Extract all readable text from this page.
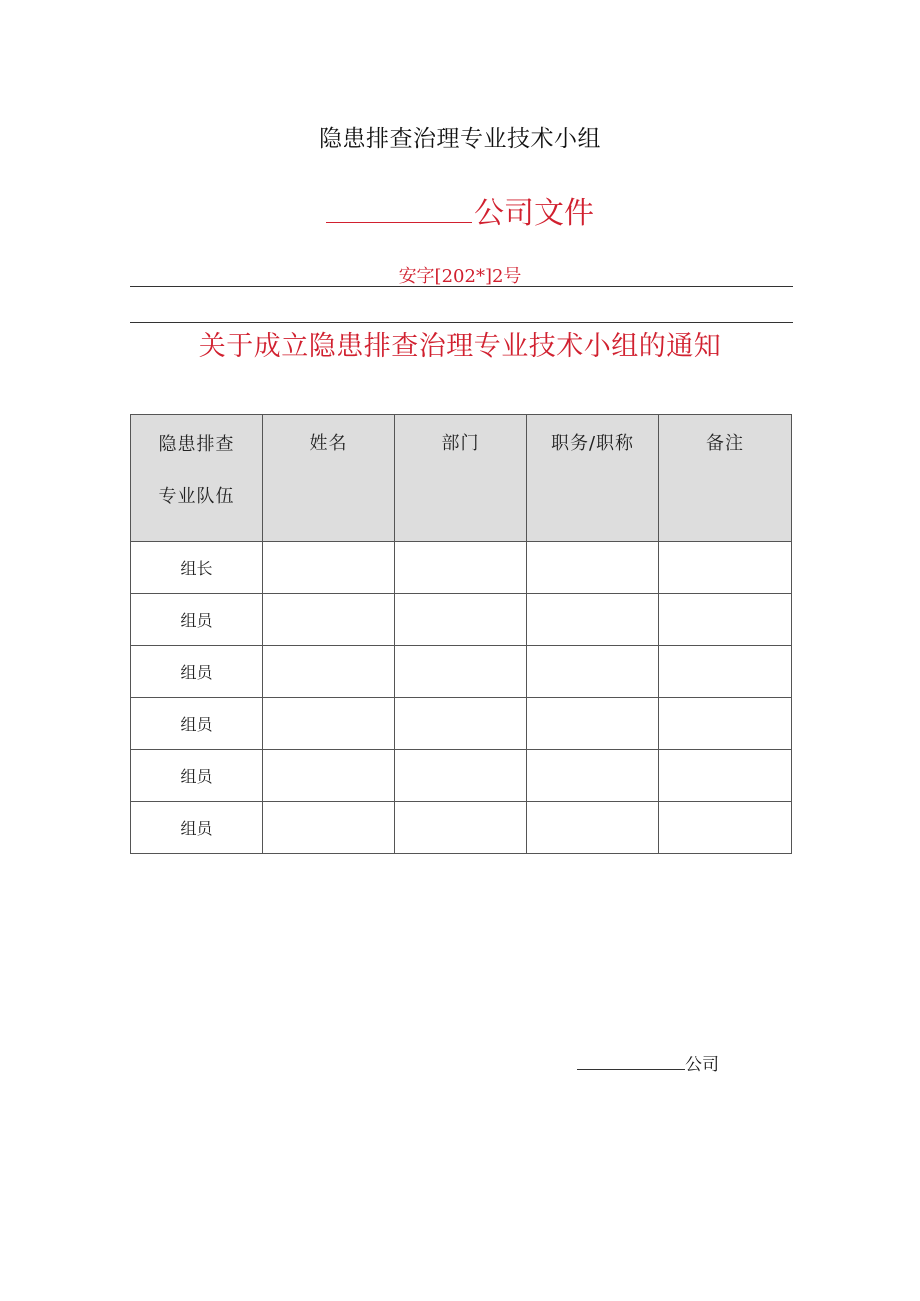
隐患排查治理专业技术小组
公司文件
安字[202*]2号
关于成立隐患排查治理专业技术小组的通知
隐患排查
专业队伍	姓名	部门	职务/职称	备注
组长				
组员				
组员				
组员				
组员				
组员				
公司
